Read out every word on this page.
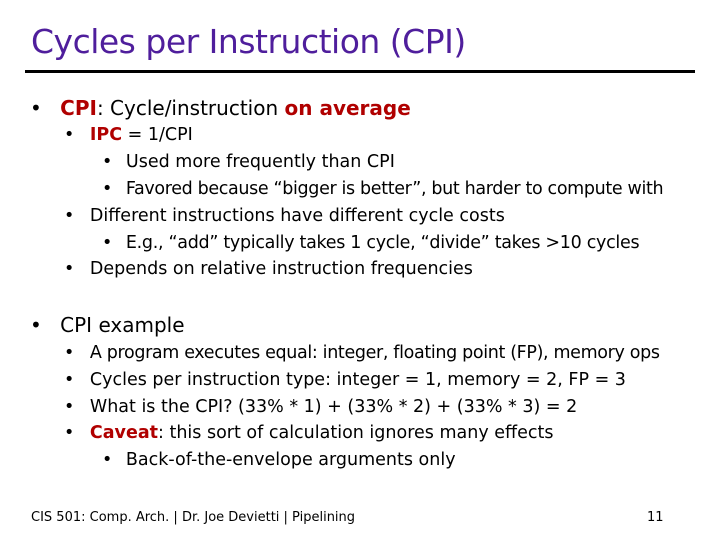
Cycles per Instruction (CPI)
• CPI: Cycle/instruction on average
• IPC = 1/CPI
• Used more frequently than CPI
• Favored because “bigger is better”, but harder to compute with
• Different instructions have different cycle costs
• E.g., “add” typically takes 1 cycle, “divide” takes >10 cycles
• Depends on relative instruction frequencies
• CPI example
• A program executes equal: integer, floating point (FP), memory ops
• Cycles per instruction type: integer = 1, memory = 2, FP = 3
• What is the CPI? (33% * 1) + (33% * 2) + (33% * 3) = 2
• Caveat: this sort of calculation ignores many effects
• Back-of-the-envelope arguments only
CIS 501: Comp. Arch. | Dr. Joe Devietti | Pipelining	11
